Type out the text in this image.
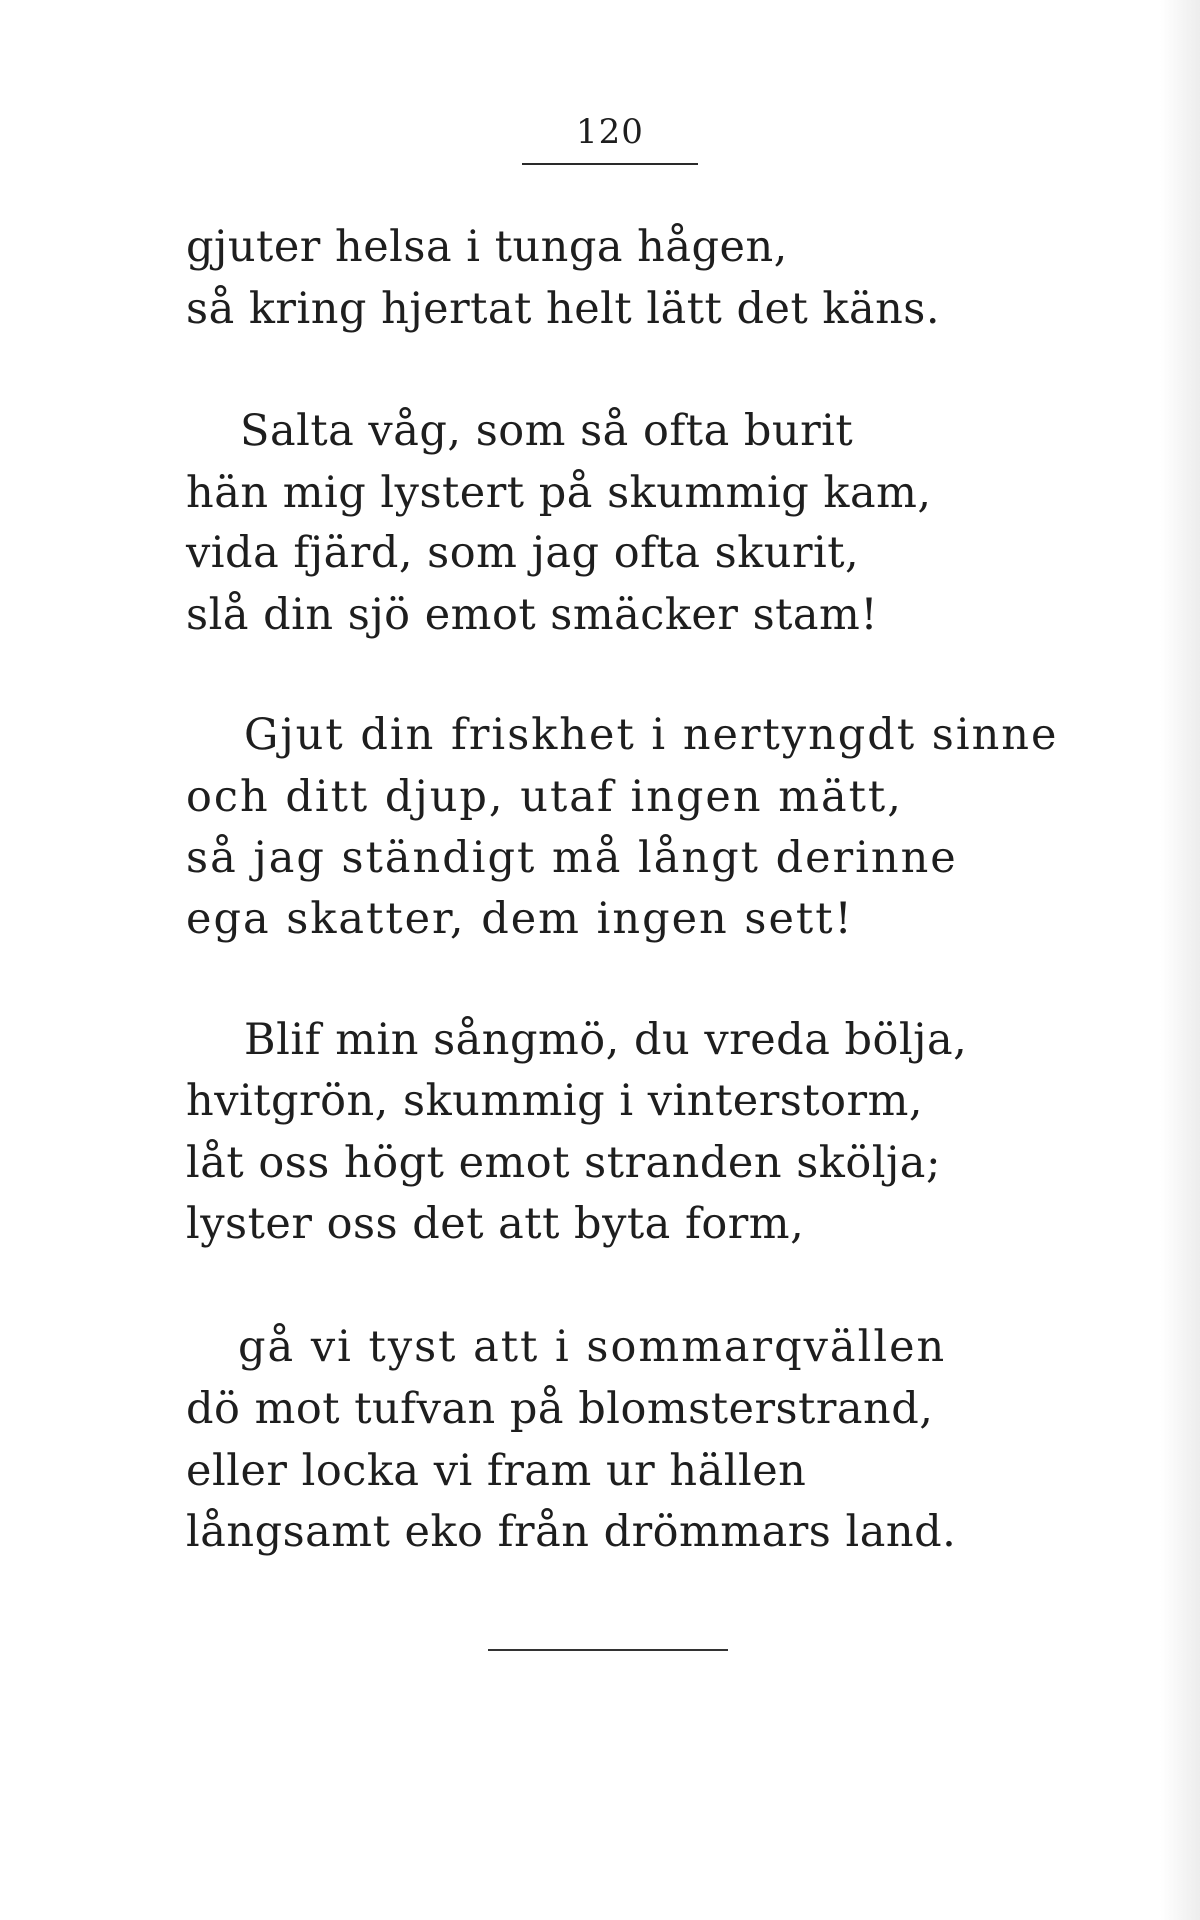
120
gjuter helsa i tunga hågen,
så kring hjertat helt lätt det käns.
Salta våg, som så ofta burit
hän mig lystert på skummig kam,
vida fjärd, som jag ofta skurit,
slå din sjö emot smäcker stam!
Gjut din friskhet i nertyngdt sinne
och ditt djup, utaf ingen mätt,
så jag ständigt må långt derinne
ega skatter, dem ingen sett!
Blif min sångmö, du vreda bölja,
hvitgrön, skummig i vinterstorm,
låt oss högt emot stranden skölja;
lyster oss det att byta form,
gå vi tyst att i sommarqvällen
dö mot tufvan på blomsterstrand,
eller locka vi fram ur hällen
långsamt eko från drömmars land.
